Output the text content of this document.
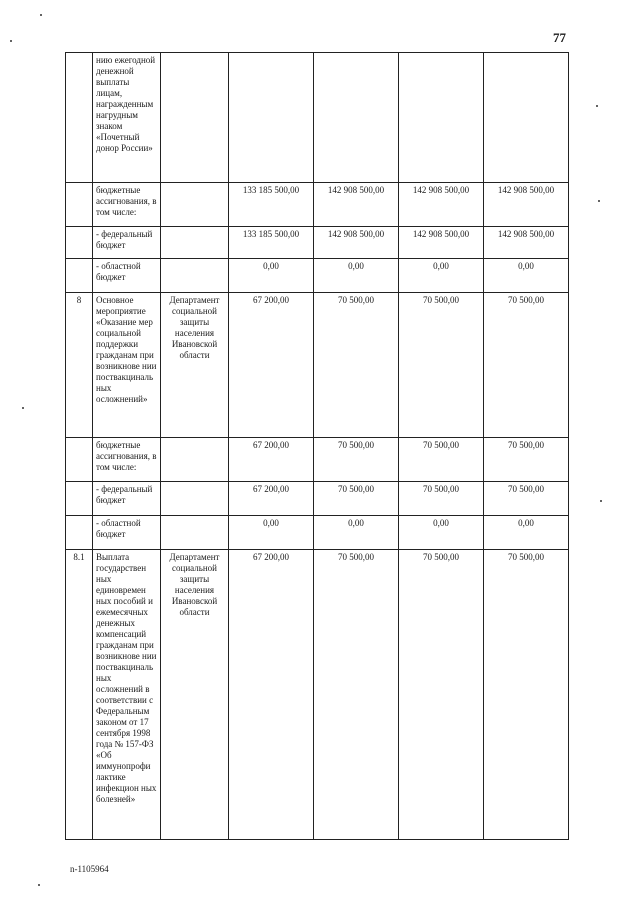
77
	нию ежегодной денежной выплаты лицам, награжденным нагрудным знаком «Почетный донор России»					
	бюджетные ассигнования, в том числе:		133 185 500,00	142 908 500,00	142 908 500,00	142 908 500,00
	- федеральный бюджет		133 185 500,00	142 908 500,00	142 908 500,00	142 908 500,00
	- областной бюджет		0,00	0,00	0,00	0,00
8	Основное мероприятие «Оказание мер социальной поддержки гражданам при возникнове нии поствакциналь ных осложнений»	Департамент социальной защиты населения Ивановской области	67 200,00	70 500,00	70 500,00	70 500,00
	бюджетные ассигнования, в том числе:		67 200,00	70 500,00	70 500,00	70 500,00
	- федеральный бюджет		67 200,00	70 500,00	70 500,00	70 500,00
	- областной бюджет		0,00	0,00	0,00	0,00
8.1	Выплата государствен ных единовремен ных пособий и ежемесячных денежных компенсаций гражданам при возникнове нии поствакциналь ных осложнений в соответствии с Федеральным законом от 17 сентября 1998 года № 157-ФЗ «Об иммунопрофи лактике инфекцион ных болезней»	Департамент социальной защиты населения Ивановской области	67 200,00	70 500,00	70 500,00	70 500,00
n-1105964
